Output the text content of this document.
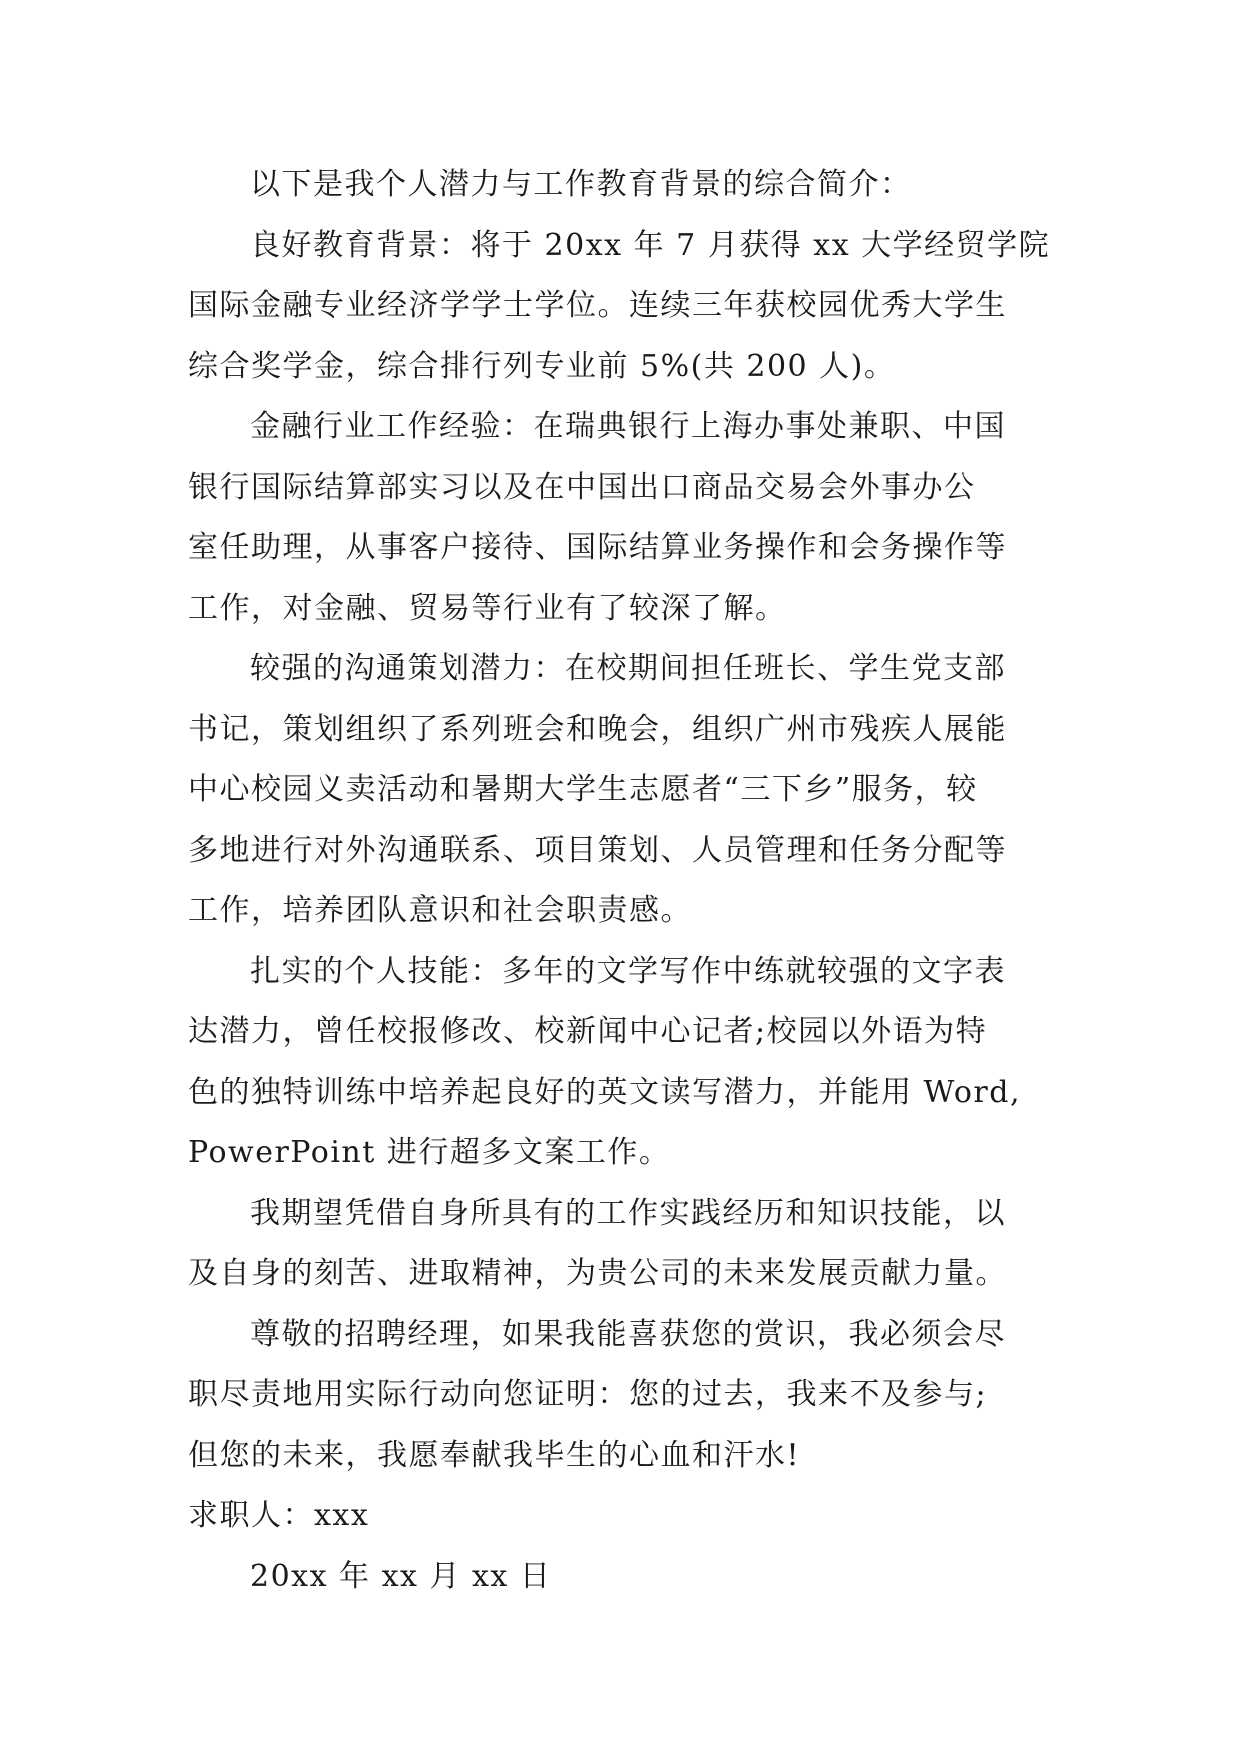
以下是我个人潜力与工作教育背景的综合简介：

良好教育背景：将于 20xx 年 7 月获得 xx 大学经贸学院
国际金融专业经济学学士学位。连续三年获校园优秀大学生
综合奖学金，综合排行列专业前 5%(共 200 人)。

金融行业工作经验：在瑞典银行上海办事处兼职、中国
银行国际结算部实习以及在中国出口商品交易会外事办公
室任助理，从事客户接待、国际结算业务操作和会务操作等
工作，对金融、贸易等行业有了较深了解。

较强的沟通策划潜力：在校期间担任班长、学生党支部
书记，策划组织了系列班会和晚会，组织广州市残疾人展能
中心校园义卖活动和暑期大学生志愿者“三下乡”服务，较
多地进行对外沟通联系、项目策划、人员管理和任务分配等
工作，培养团队意识和社会职责感。

扎实的个人技能：多年的文学写作中练就较强的文字表
达潜力，曾任校报修改、校新闻中心记者;校园以外语为特
色的独特训练中培养起良好的英文读写潜力，并能用 Word,
PowerPoint 进行超多文案工作。

我期望凭借自身所具有的工作实践经历和知识技能，以
及自身的刻苦、进取精神，为贵公司的未来发展贡献力量。

尊敬的招聘经理，如果我能喜获您的赏识，我必须会尽
职尽责地用实际行动向您证明：您的过去，我来不及参与;
但您的未来，我愿奉献我毕生的心血和汗水!

求职人：xxx

20xx 年 xx 月 xx 日
